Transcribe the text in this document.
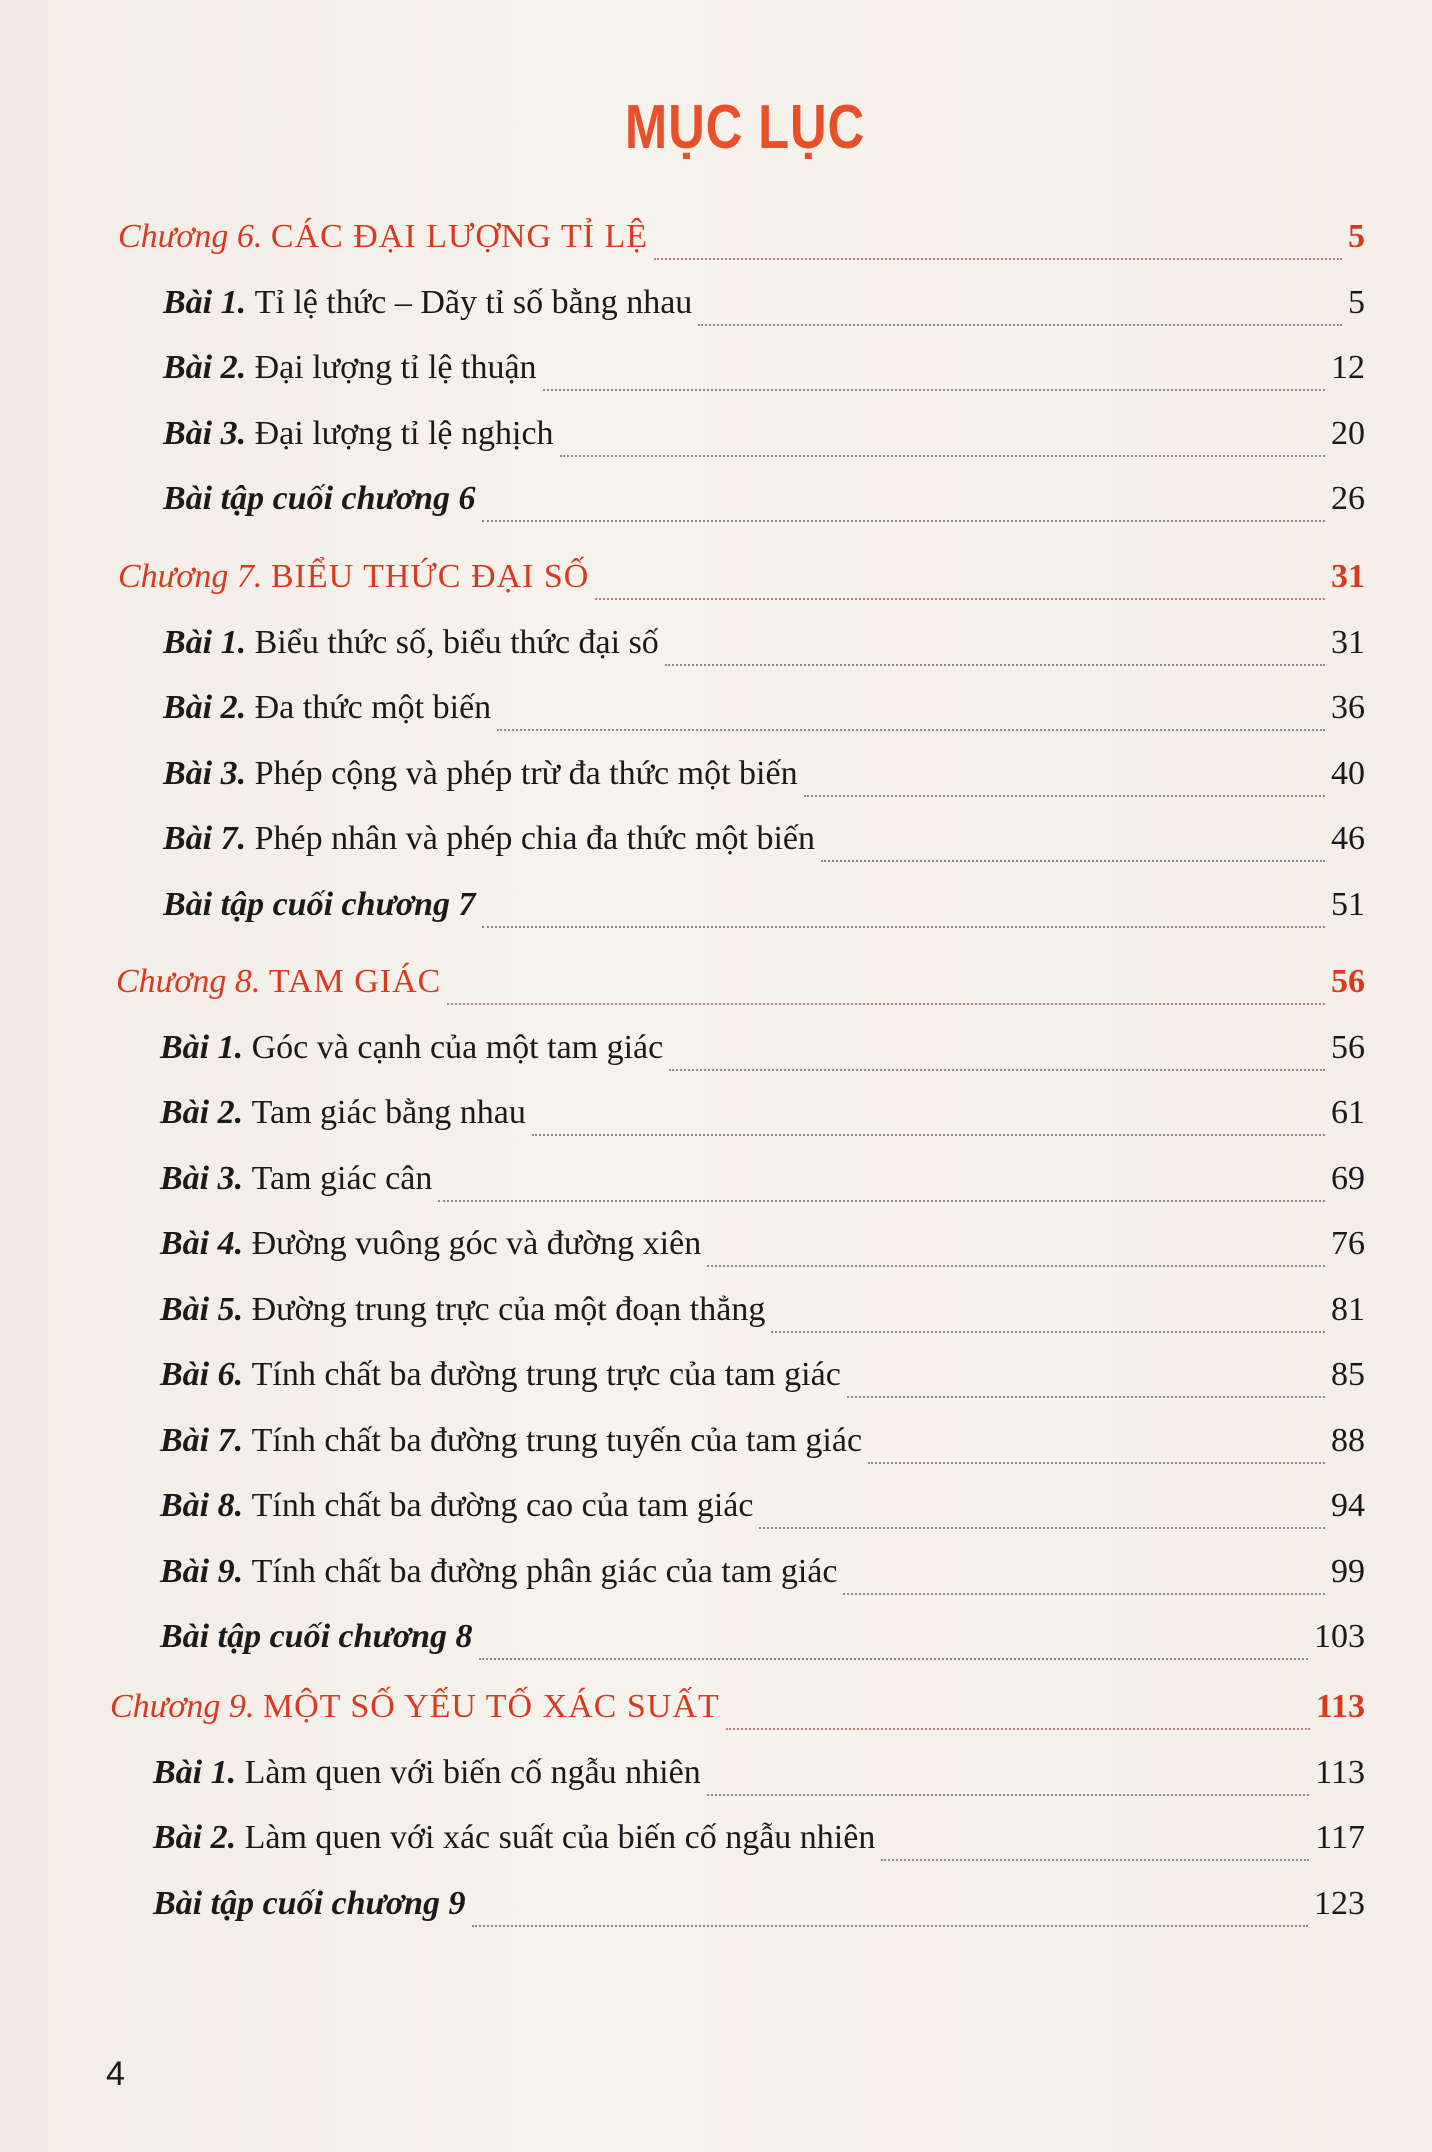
MỤC LỤC
Chương 6. CÁC ĐẠI LƯỢNG TỈ LỆ	5
Bài 1. Tỉ lệ thức – Dãy tỉ số bằng nhau	5
Bài 2. Đại lượng tỉ lệ thuận	12
Bài 3. Đại lượng tỉ lệ nghịch	20
Bài tập cuối chương 6	26
Chương 7. BIỂU THỨC ĐẠI SỐ	31
Bài 1. Biểu thức số, biểu thức đại số	31
Bài 2. Đa thức một biến	36
Bài 3. Phép cộng và phép trừ đa thức một biến	40
Bài 7. Phép nhân và phép chia đa thức một biến	46
Bài tập cuối chương 7	51
Chương 8. TAM GIÁC	56
Bài 1. Góc và cạnh của một tam giác	56
Bài 2. Tam giác bằng nhau	61
Bài 3. Tam giác cân	69
Bài 4. Đường vuông góc và đường xiên	76
Bài 5. Đường trung trực của một đoạn thẳng	81
Bài 6. Tính chất ba đường trung trực của tam giác	85
Bài 7. Tính chất ba đường trung tuyến của tam giác	88
Bài 8. Tính chất ba đường cao của tam giác	94
Bài 9. Tính chất ba đường phân giác của tam giác	99
Bài tập cuối chương 8	103
Chương 9. MỘT SỐ YẾU TỐ XÁC SUẤT	113
Bài 1. Làm quen với biến cố ngẫu nhiên	113
Bài 2. Làm quen với xác suất của biến cố ngẫu nhiên	117
Bài tập cuối chương 9	123
4
